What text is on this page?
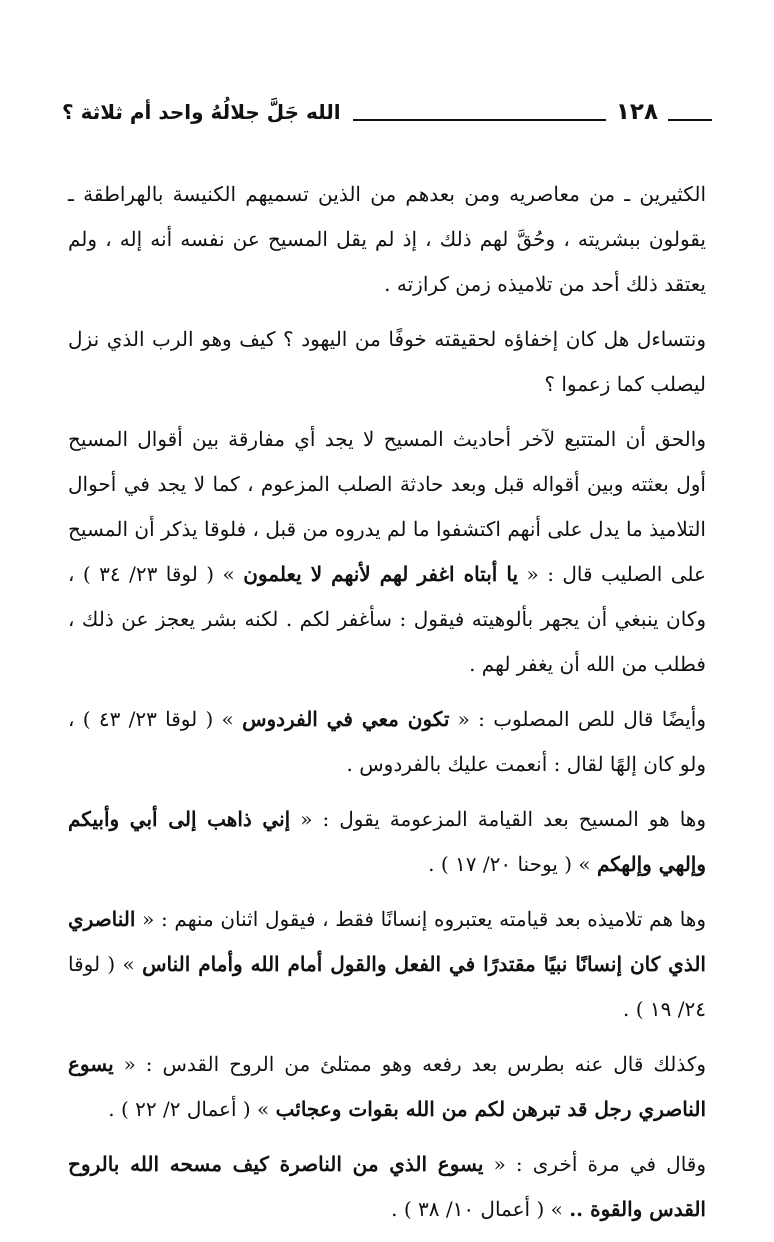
١٢٨
الله جَلَّ جلالُهُ واحد أم ثلاثة ؟

الكثيرين ـ من معاصريه ومن بعدهم من الذين تسميهم الكنيسة بالهراطقة ـ يقولون ببشريته ، وحُقَّ لهم ذلك ، إذ لم يقل المسيح عن نفسه أنه إله ، ولم يعتقد ذلك أحد من تلاميذه زمن كرازته .

ونتساءل هل كان إخفاؤه لحقيقته خوفًا من اليهود ؟ كيف وهو الرب الذي نزل ليصلب كما زعموا ؟

والحق أن المتتبع لآخر أحاديث المسيح لا يجد أي مفارقة بين أقوال المسيح أول بعثته وبين أقواله قبل وبعد حادثة الصلب المزعوم ، كما لا يجد في أحوال التلاميذ ما يدل على أنهم اكتشفوا ما لم يدروه من قبل ، فلوقا يذكر أن المسيح على الصليب قال : « يا أبتاه اغفر لهم لأنهم لا يعلمون » ( لوقا ٢٣/ ٣٤ ) ، وكان ينبغي أن يجهر بألوهيته فيقول : سأغفر لكم . لكنه بشر يعجز عن ذلك ، فطلب من الله أن يغفر لهم .

وأيضًا قال للص المصلوب : « تكون معي في الفردوس » ( لوقا ٢٣/ ٤٣ ) ، ولو كان إلهًا لقال : أنعمت عليك بالفردوس .

وها هو المسيح بعد القيامة المزعومة يقول : « إني ذاهب إلى أبي وأبيكم وإلهي وإلهكم » ( يوحنا ٢٠/ ١٧ ) .

وها هم تلاميذه بعد قيامته يعتبروه إنسانًا فقط ، فيقول اثنان منهم : « الناصري الذي كان إنسانًا نبيًا مقتدرًا في الفعل والقول أمام الله وأمام الناس » ( لوقا ٢٤/ ١٩ ) .

وكذلك قال عنه بطرس بعد رفعه وهو ممتلئ من الروح القدس : « يسوع الناصري رجل قد تبرهن لكم من الله بقوات وعجائب » ( أعمال ٢/ ٢٢ ) .

وقال في مرة أخرى : « يسوع الذي من الناصرة كيف مسحه الله بالروح القدس والقوة .. » ( أعمال ١٠/ ٣٨ ) .
